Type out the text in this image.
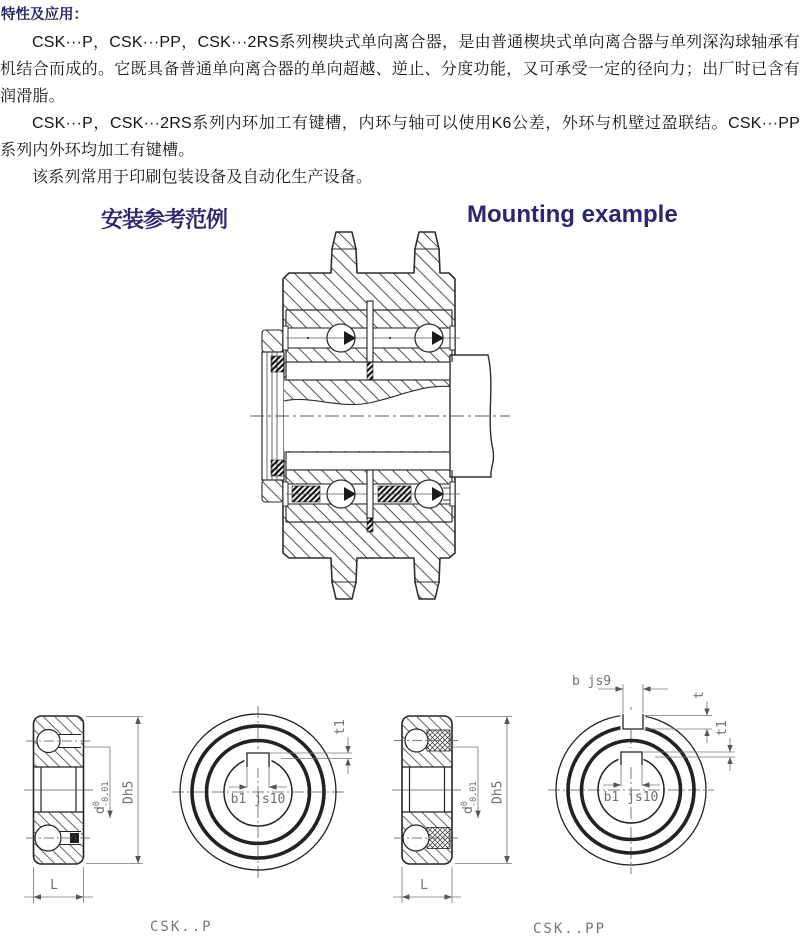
特性及应用：

CSK···P，CSK···PP，CSK···2RS系列楔块式单向离合器，是由普通楔块式单向离合器与单列深沟球轴承有机结合而成的。它既具备普通单向离合器的单向超越、逆止、分度功能，又可承受一定的径向力；出厂时已含有润滑脂。

CSK···P，CSK···2RS系列内环加工有键槽，内环与轴可以使用K6公差，外环与机壁过盈联结。CSK···PP系列内外环均加工有键槽。

该系列常用于印刷包装设备及自动化生产设备。

安装参考范例	Mounting example
$d^0-0.01$ Dh5
L
b1 js10
t1
$d^0-0.01$ Dh5
L
b js9
t
t1
b1 js10
CSK..P	CSK..PP
